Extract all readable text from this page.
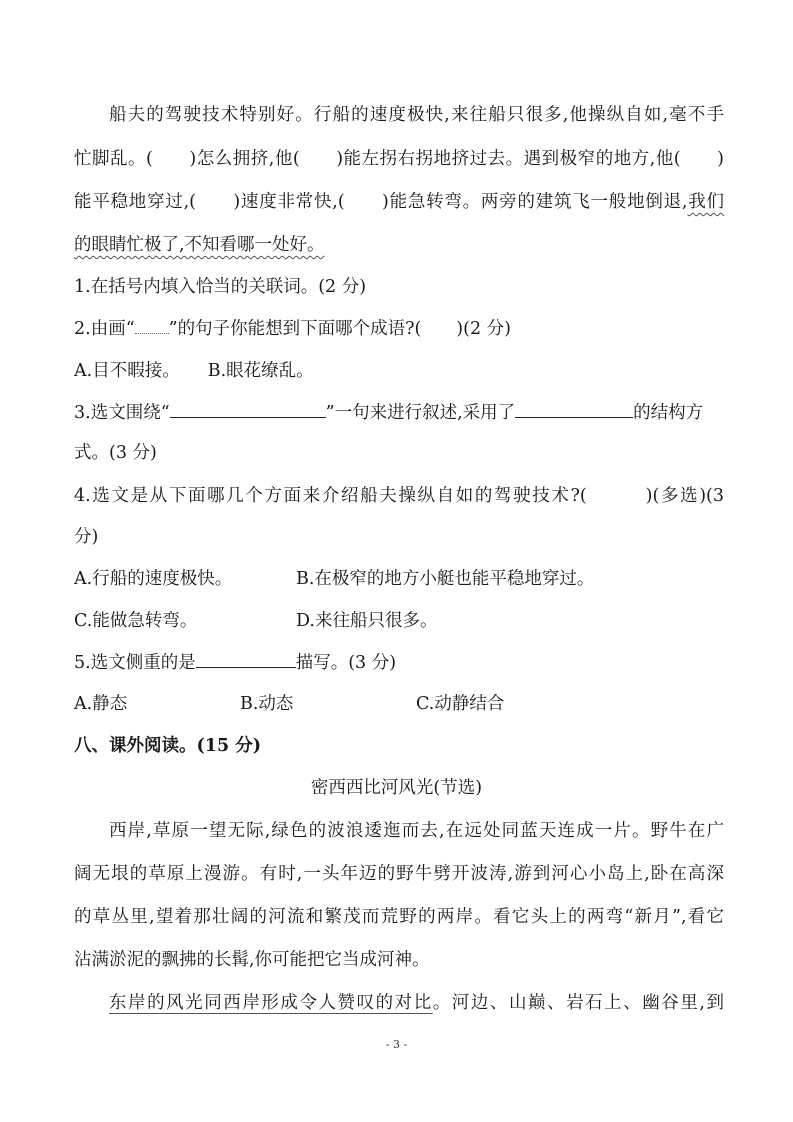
船夫的驾驶技术特别好。行船的速度极快,来往船只很多,他操纵自如,毫不手
忙脚乱。(　　)怎么拥挤,他(　　)能左拐右拐地挤过去。遇到极窄的地方,他(　　)
能平稳地穿过,(　　)速度非常快,(　　)能急转弯。两旁的建筑飞一般地倒退,我们
的眼睛忙极了,不知看哪一处好。
1.在括号内填入恰当的关联词。(2 分)
2.由画“ ”的句子你能想到下面哪个成语?(　　)(2 分)
A.目不暇接。 B.眼花缭乱。
3.选文围绕“	”一句来进行叙述,采用了	的结构方
式。(3 分)
4.选文是从下面哪几个方面来介绍船夫操纵自如的驾驶技术?(　　　)(多选)(3
分)
A.行船的速度极快。	B.在极窄的地方小艇也能平稳地穿过。
C.能做急转弯。	D.来往船只很多。
5.选文侧重的是	描写。(3 分)
A.静态	B.动态	C.动静结合
八、课外阅读。(15 分)
密西西比河风光(节选)
西岸,草原一望无际,绿色的波浪逶迤而去,在远处同蓝天连成一片。野牛在广
阔无垠的草原上漫游。有时,一头年迈的野牛劈开波涛,游到河心小岛上,卧在高深
的草丛里,望着那壮阔的河流和繁茂而荒野的两岸。看它头上的两弯“新月”,看它
沾满淤泥的飘拂的长髯,你可能把它当成河神。
东岸的风光同西岸形成令人赞叹的对比。河边、山巅、岩石上、幽谷里,到
- 3 -
